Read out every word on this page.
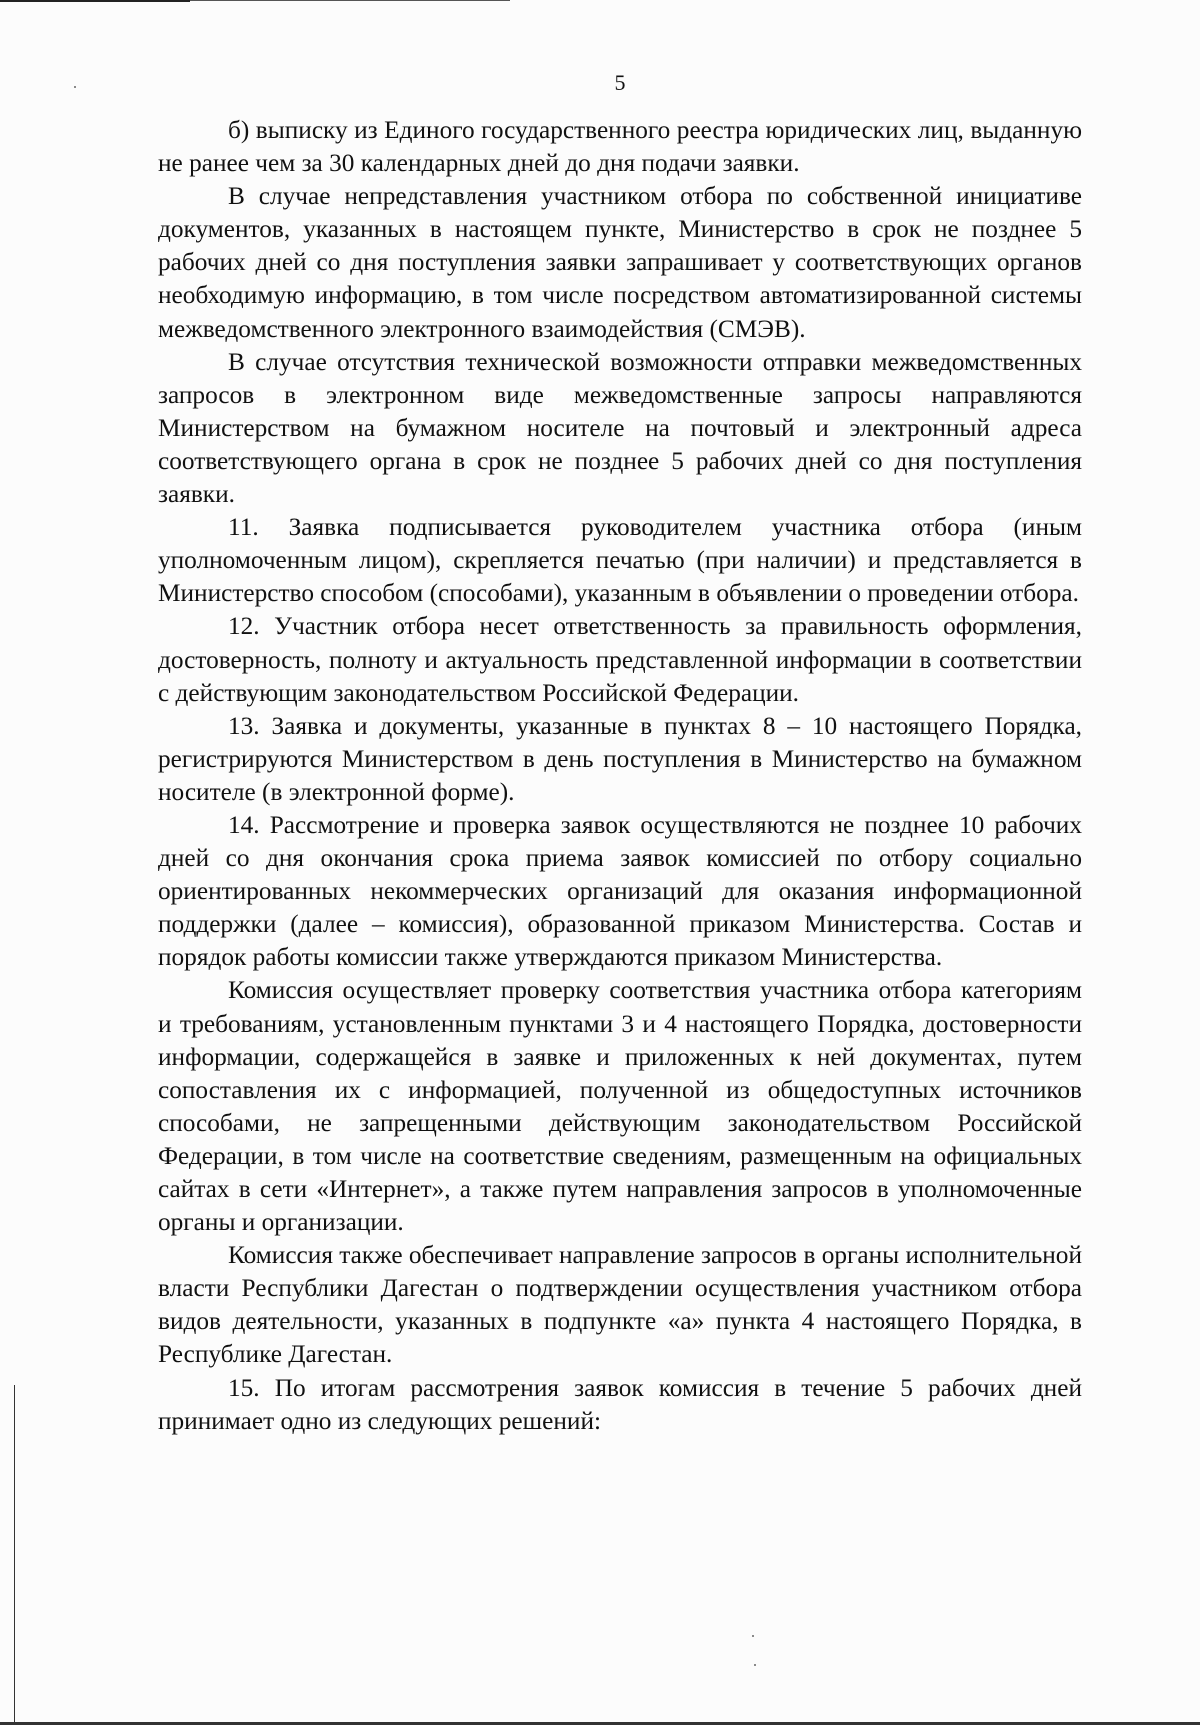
5

б) выписку из Единого государственного реестра юридических лиц, выданную не ранее чем за 30 календарных дней до дня подачи заявки.

В случае непредставления участником отбора по собственной инициативе документов, указанных в настоящем пункте, Министерство в срок не позднее 5 рабочих дней со дня поступления заявки запрашивает у соответствующих органов необходимую информацию, в том числе посредством автоматизированной системы межведомственного электронного взаимодействия (СМЭВ).

В случае отсутствия технической возможности отправки межведомственных запросов в электронном виде межведомственные запросы направляются Министерством на бумажном носителе на почтовый и электронный адреса соответствующего органа в срок не позднее 5 рабочих дней со дня поступления заявки.

11. Заявка подписывается руководителем участника отбора (иным уполномоченным лицом), скрепляется печатью (при наличии) и представляется в Министерство способом (способами), указанным в объявлении о проведении отбора.

12. Участник отбора несет ответственность за правильность оформления, достоверность, полноту и актуальность представленной информации в соответствии с действующим законодательством Российской Федерации.

13. Заявка и документы, указанные в пунктах 8 – 10 настоящего Порядка, регистрируются Министерством в день поступления в Министерство на бумажном носителе (в электронной форме).

14. Рассмотрение и проверка заявок осуществляются не позднее 10 рабочих дней со дня окончания срока приема заявок комиссией по отбору социально ориентированных некоммерческих организаций для оказания информационной поддержки (далее – комиссия), образованной приказом Министерства. Состав и порядок работы комиссии также утверждаются приказом Министерства.

Комиссия осуществляет проверку соответствия участника отбора категориям и требованиям, установленным пунктами 3 и 4 настоящего Порядка, достоверности информации, содержащейся в заявке и приложенных к ней документах, путем сопоставления их с информацией, полученной из общедоступных источников способами, не запрещенными действующим законодательством Российской Федерации, в том числе на соответствие сведениям, размещенным на официальных сайтах в сети «Интернет», а также путем направления запросов в уполномоченные органы и организации.

Комиссия также обеспечивает направление запросов в органы исполнительной власти Республики Дагестан о подтверждении осуществления участником отбора видов деятельности, указанных в подпункте «а» пункта 4 настоящего Порядка, в Республике Дагестан.

15. По итогам рассмотрения заявок комиссия в течение 5 рабочих дней принимает одно из следующих решений:
